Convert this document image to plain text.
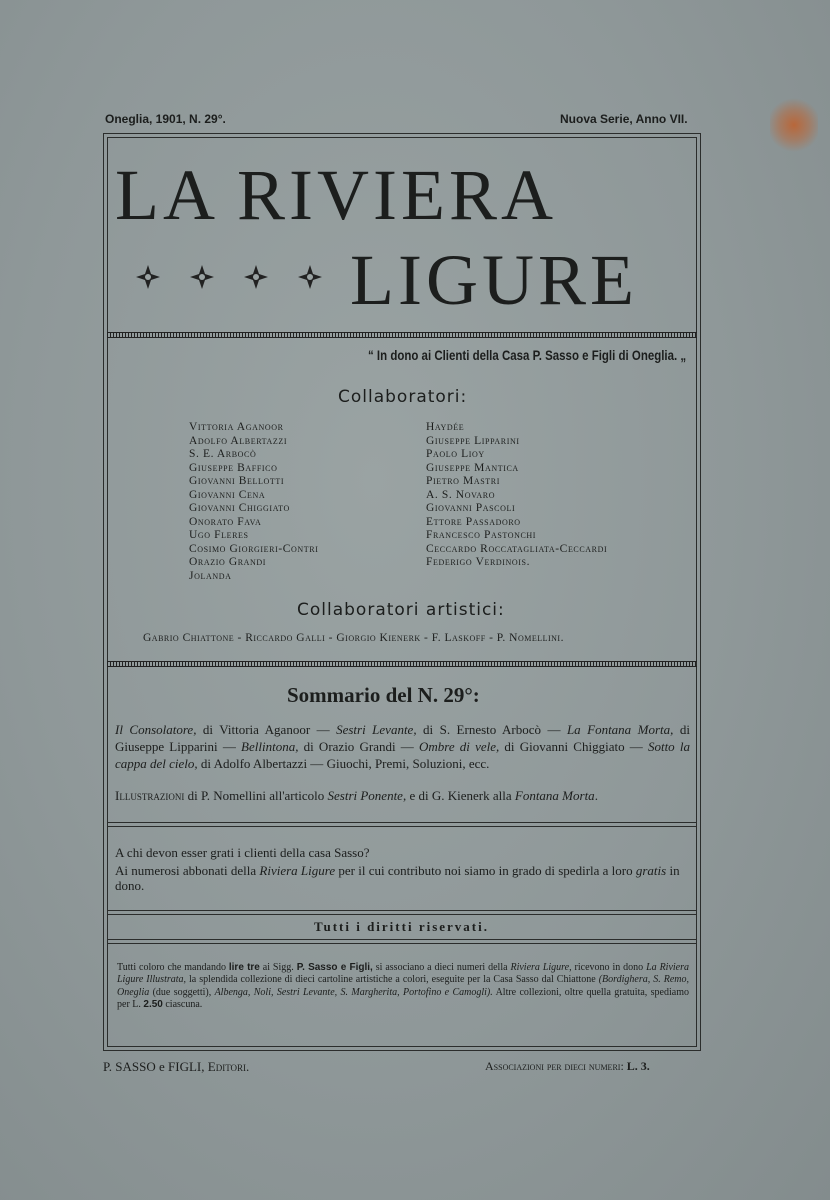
Oneglia, 1901, N. 29°.	Nuova Serie, Anno VII.
LA RIVIERA
LIGURE
“ In dono ai Clienti della Casa P. Sasso e Figli di Oneglia. „
Collaboratori:
Vittoria Aganoor
Adolfo Albertazzi
S. E. Arbocò
Giuseppe Baffico
Giovanni Bellotti
Giovanni Cena
Giovanni Chiggiato
Onorato Fava
Ugo Fleres
Cosimo Giorgieri-Contri
Orazio Grandi
Jolanda
Haydée
Giuseppe Lipparini
Paolo Lioy
Giuseppe Mantica
Pietro Mastri
A. S. Novaro
Giovanni Pascoli
Ettore Passadoro
Francesco Pastonchi
Ceccardo Roccatagliata-Ceccardi
Federigo Verdinois.
Collaboratori artistici:
Gabrio Chiattone - Riccardo Galli - Giorgio Kienerk - F. Laskoff - P. Nomellini.
Sommario del N. 29°:
Il Consolatore, di Vittoria Aganoor — Sestri Levante, di S. Ernesto Arbocò — La Fontana Morta, di Giuseppe Lipparini — Bellintona, di Orazio Grandi — Ombre di vele, di Giovanni Chiggiato — Sotto la cappa del cielo, di Adolfo Albertazzi — Giuochi, Premi, Soluzioni, ecc.
Illustrazioni di P. Nomellini all'articolo Sestri Ponente, e di G. Kienerk alla Fontana Morta.
A chi devon esser grati i clienti della casa Sasso?
Ai numerosi abbonati della Riviera Ligure per il cui contributo noi siamo in grado di spedirla a loro gratis in dono.
Tutti i diritti riservati.
Tutti coloro che mandando lire tre ai Sigg. P. Sasso e Figli, si associano a dieci numeri della Riviera Ligure, ricevono in dono La Riviera Ligure Illustrata, la splendida collezione di dieci cartoline artistiche a colori, eseguite per la Casa Sasso dal Chiattone (Bordighera, S. Remo, Oneglia (due soggetti), Albenga, Noli, Sestri Levante, S. Margherita, Portofino e Camogli). Altre collezioni, oltre quella gratuita, spediamo per L. 2.50 ciascuna.
P. SASSO e FIGLI, Editori.	Associazioni per dieci numeri: L. 3.
